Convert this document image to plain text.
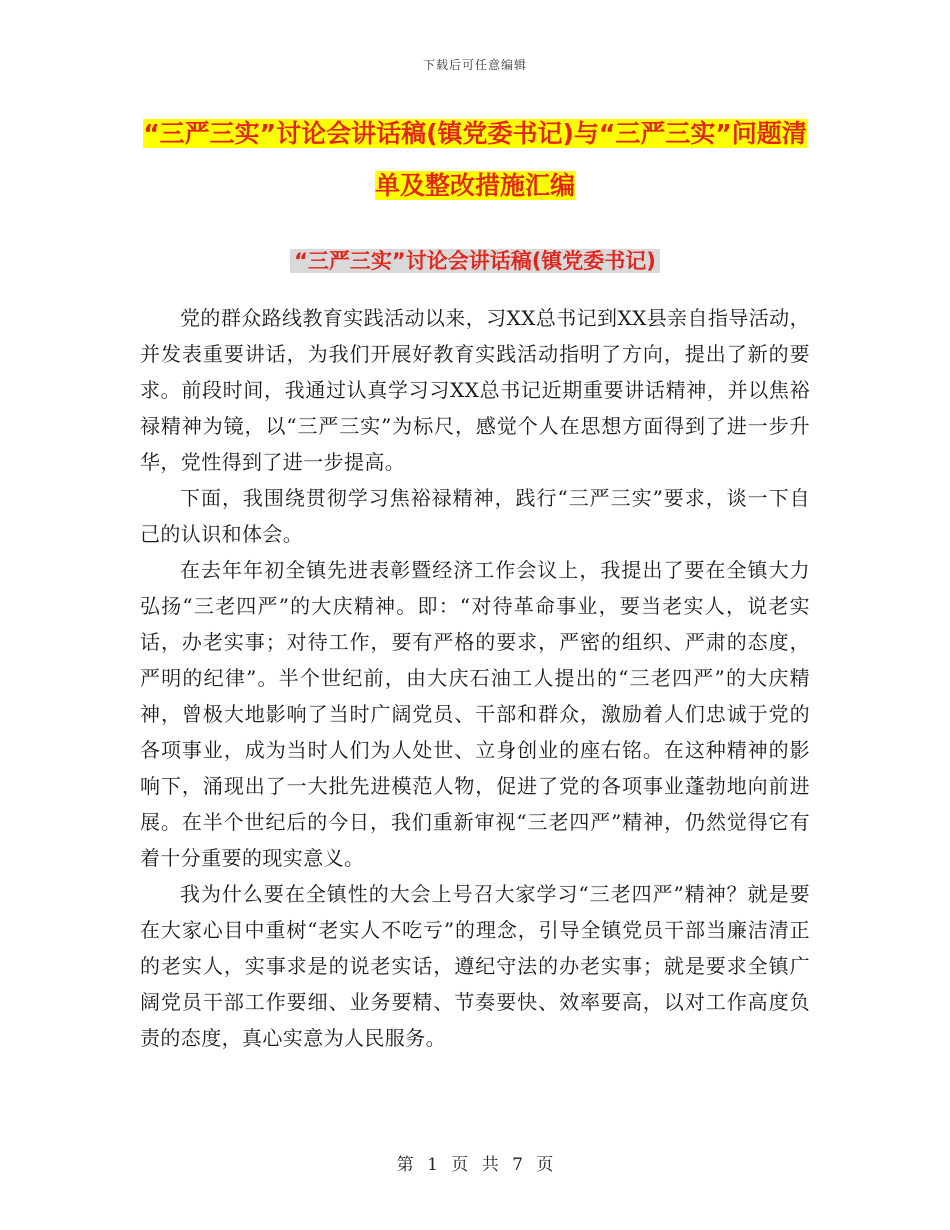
下载后可任意编辑
“三严三实”讨论会讲话稿(镇党委书记)与“三严三实”问题清单及整改措施汇编
“三严三实”讨论会讲话稿(镇党委书记)

党的群众路线教育实践活动以来，习XX总书记到XX县亲自指导活动，并发表重要讲话，为我们开展好教育实践活动指明了方向，提出了新的要求。前段时间，我通过认真学习习XX总书记近期重要讲话精神，并以焦裕禄精神为镜，以“三严三实”为标尺，感觉个人在思想方面得到了进一步升华，党性得到了进一步提高。

下面，我围绕贯彻学习焦裕禄精神，践行“三严三实”要求，谈一下自己的认识和体会。

在去年年初全镇先进表彰暨经济工作会议上，我提出了要在全镇大力弘扬“三老四严”的大庆精神。即：“对待革命事业，要当老实人，说老实话，办老实事；对待工作，要有严格的要求，严密的组织、严肃的态度，严明的纪律”。半个世纪前，由大庆石油工人提出的“三老四严”的大庆精神，曾极大地影响了当时广阔党员、干部和群众，激励着人们忠诚于党的各项事业，成为当时人们为人处世、立身创业的座右铭。在这种精神的影响下，涌现出了一大批先进模范人物，促进了党的各项事业蓬勃地向前进展。在半个世纪后的今日，我们重新审视“三老四严”精神，仍然觉得它有着十分重要的现实意义。

我为什么要在全镇性的大会上号召大家学习“三老四严”精神？就是要在大家心目中重树“老实人不吃亏”的理念，引导全镇党员干部当廉洁清正的老实人，实事求是的说老实话，遵纪守法的办老实事；就是要求全镇广阔党员干部工作要细、业务要精、节奏要快、效率要高，以对工作高度负责的态度，真心实意为人民服务。

第 1 页 共 7 页
